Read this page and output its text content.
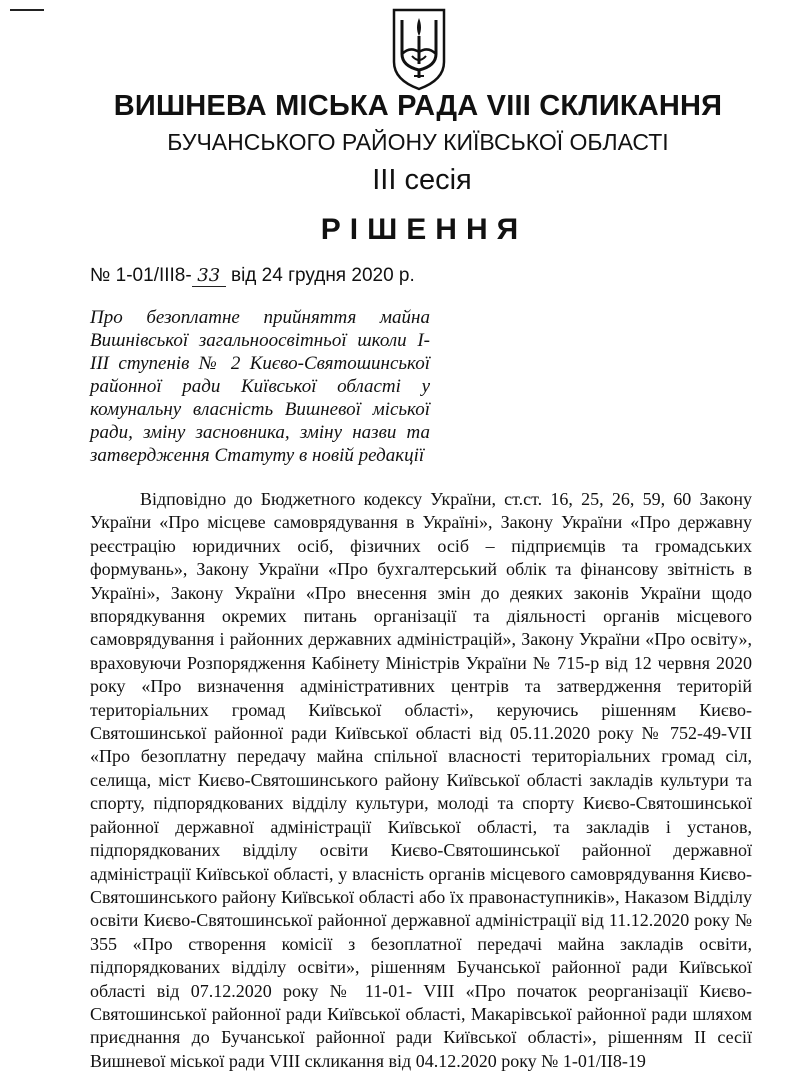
ВИШНЕВА МІСЬКА РАДА VIII СКЛИКАННЯ
БУЧАНСЬКОГО РАЙОНУ КИЇВСЬКОЇ ОБЛАСТІ
ІІІ сесія
РІШЕННЯ
№ 1-01/ІІІ8- 33 від 24 грудня 2020 р.
Про безоплатне прийняття майна Вишнівської загальноосвітньої школи І-ІІІ ступенів № 2 Києво-Святошинської районної ради Київської області у комунальну власність Вишневої міської ради, зміну засновника, зміну назви та затвердження Статуту в новій редакції

Відповідно до Бюджетного кодексу України, ст.ст. 16, 25, 26, 59, 60 Закону України «Про місцеве самоврядування в Україні», Закону України «Про державну реєстрацію юридичних осіб, фізичних осіб – підприємців та громадських формувань», Закону України «Про бухгалтерський облік та фінансову звітність в Україні», Закону України «Про внесення змін до деяких законів України щодо впорядкування окремих питань організації та діяльності органів місцевого самоврядування і районних державних адміністрацій», Закону України «Про освіту», враховуючи Розпорядження Кабінету Міністрів України № 715-р від 12 червня 2020 року «Про визначення адміністративних центрів та затвердження територій територіальних громад Київської області», керуючись рішенням Києво-Святошинської районної ради Київської області від 05.11.2020 року № 752-49-VII «Про безоплатну передачу майна спільної власності територіальних громад сіл, селища, міст Києво-Святошинського району Київської області закладів культури та спорту, підпорядкованих відділу культури, молоді та спорту Києво-Святошинської районної державної адміністрації Київської області, та закладів і установ, підпорядкованих відділу освіти Києво-Святошинської районної державної адміністрації Київської області, у власність органів місцевого самоврядування Києво-Святошинського району Київської області або їх правонаступників», Наказом Відділу освіти Києво-Святошинської районної державної адміністрації від 11.12.2020 року № 355 «Про створення комісії з безоплатної передачі майна закладів освіти, підпорядкованих відділу освіти», рішенням Бучанської районної ради Київської області від 07.12.2020 року № 11-01- VIII «Про початок реорганізації Києво-Святошинської районної ради Київської області, Макарівської районної ради шляхом приєднання до Бучанської районної ради Київської області», рішенням ІІ сесії Вишневої міської ради VIII скликання від 04.12.2020 року № 1-01/ІІ8-19
